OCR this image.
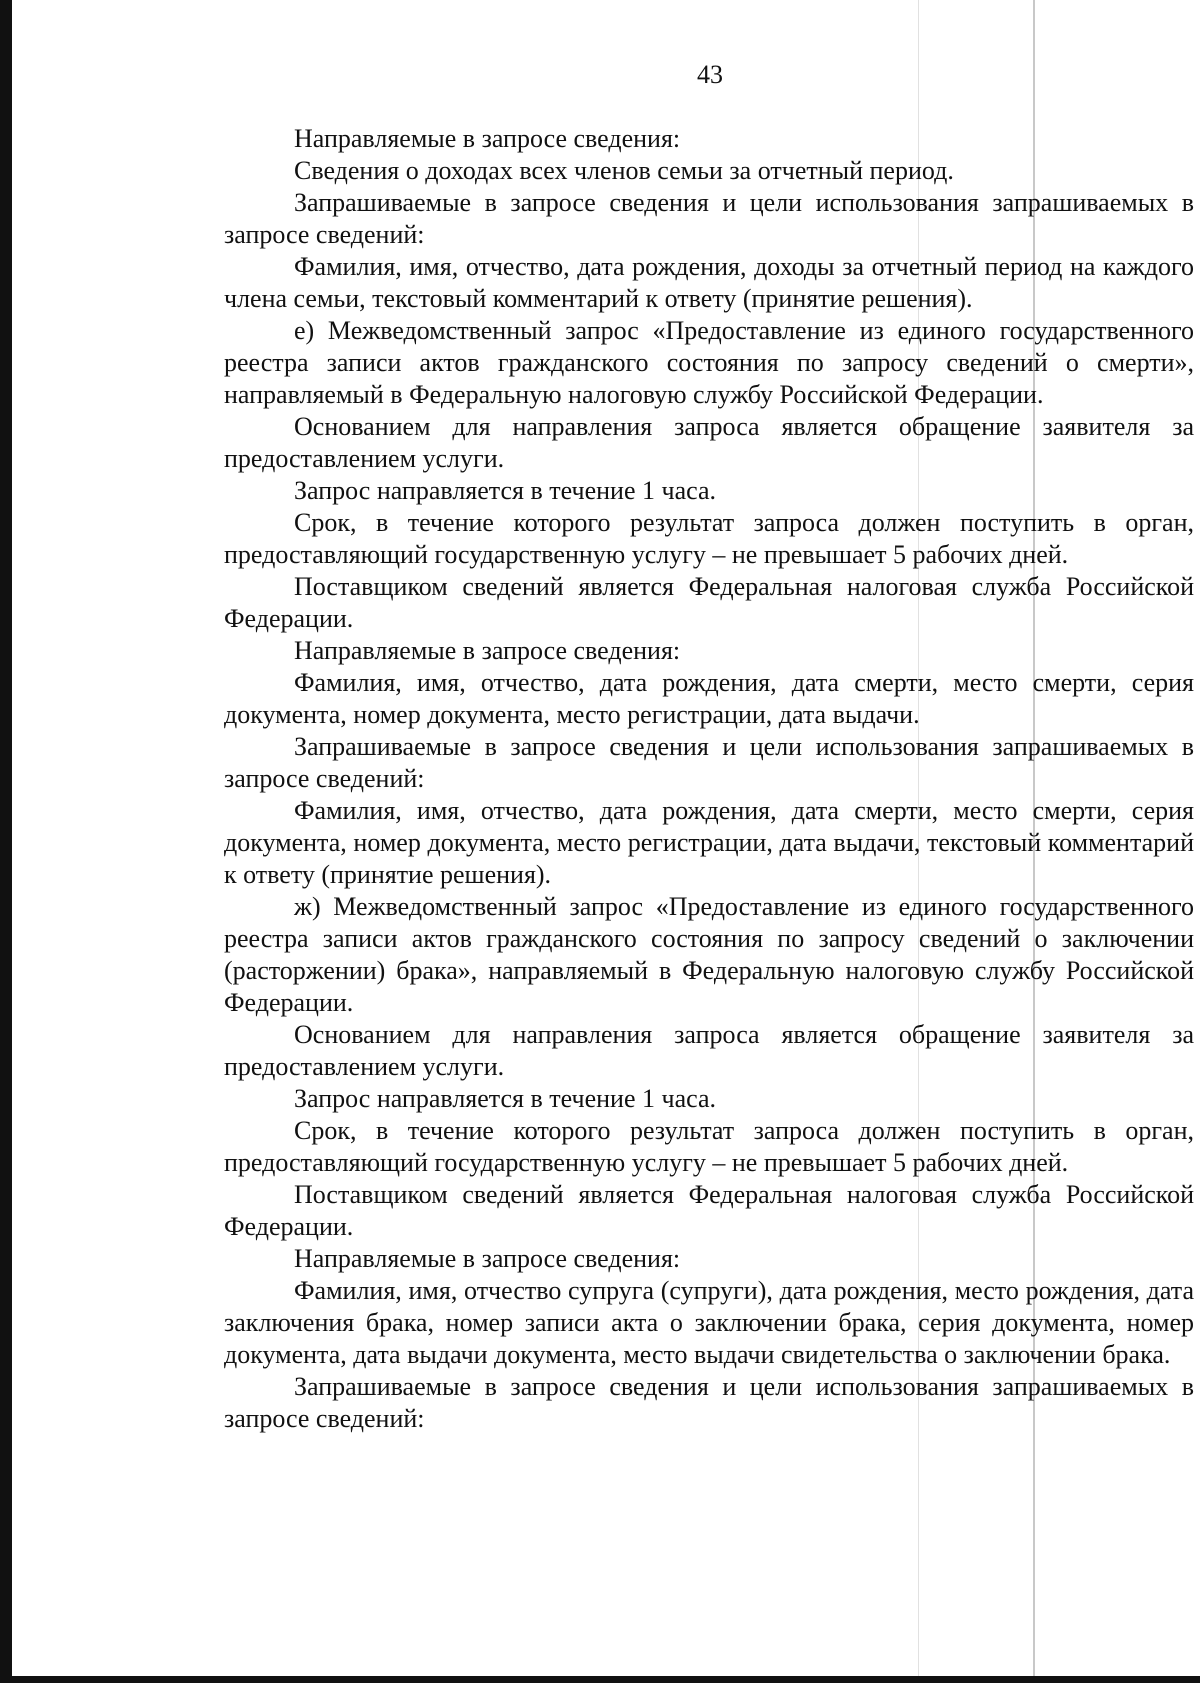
43

Направляемые в запросе сведения:

Сведения о доходах всех членов семьи за отчетный период.

Запрашиваемые в запросе сведения и цели использования запрашиваемых в запросе сведений:

Фамилия, имя, отчество, дата рождения, доходы за отчетный период на каждого члена семьи, текстовый комментарий к ответу (принятие решения).

е) Межведомственный запрос «Предоставление из единого государственного реестра записи актов гражданского состояния по запросу сведений о смерти», направляемый в Федеральную налоговую службу Российской Федерации.

Основанием для направления запроса является обращение заявителя за предоставлением услуги.

Запрос направляется в течение 1 часа.

Срок, в течение которого результат запроса должен поступить в орган, предоставляющий государственную услугу – не превышает 5 рабочих дней.

Поставщиком сведений является Федеральная налоговая служба Российской Федерации.

Направляемые в запросе сведения:

Фамилия, имя, отчество, дата рождения, дата смерти, место смерти, серия документа, номер документа, место регистрации, дата выдачи.

Запрашиваемые в запросе сведения и цели использования запрашиваемых в запросе сведений:

Фамилия, имя, отчество, дата рождения, дата смерти, место смерти, серия документа, номер документа, место регистрации, дата выдачи, текстовый комментарий к ответу (принятие решения).

ж) Межведомственный запрос «Предоставление из единого государственного реестра записи актов гражданского состояния по запросу сведений о заключении (расторжении) брака», направляемый в Федеральную налоговую службу Российской Федерации.

Основанием для направления запроса является обращение заявителя за предоставлением услуги.

Запрос направляется в течение 1 часа.

Срок, в течение которого результат запроса должен поступить в орган, предоставляющий государственную услугу – не превышает 5 рабочих дней.

Поставщиком сведений является Федеральная налоговая служба Российской Федерации.

Направляемые в запросе сведения:

Фамилия, имя, отчество супруга (супруги), дата рождения, место рождения, дата заключения брака, номер записи акта о заключении брака, серия документа, номер документа, дата выдачи документа, место выдачи свидетельства о заключении брака.

Запрашиваемые в запросе сведения и цели использования запрашиваемых в запросе сведений:
